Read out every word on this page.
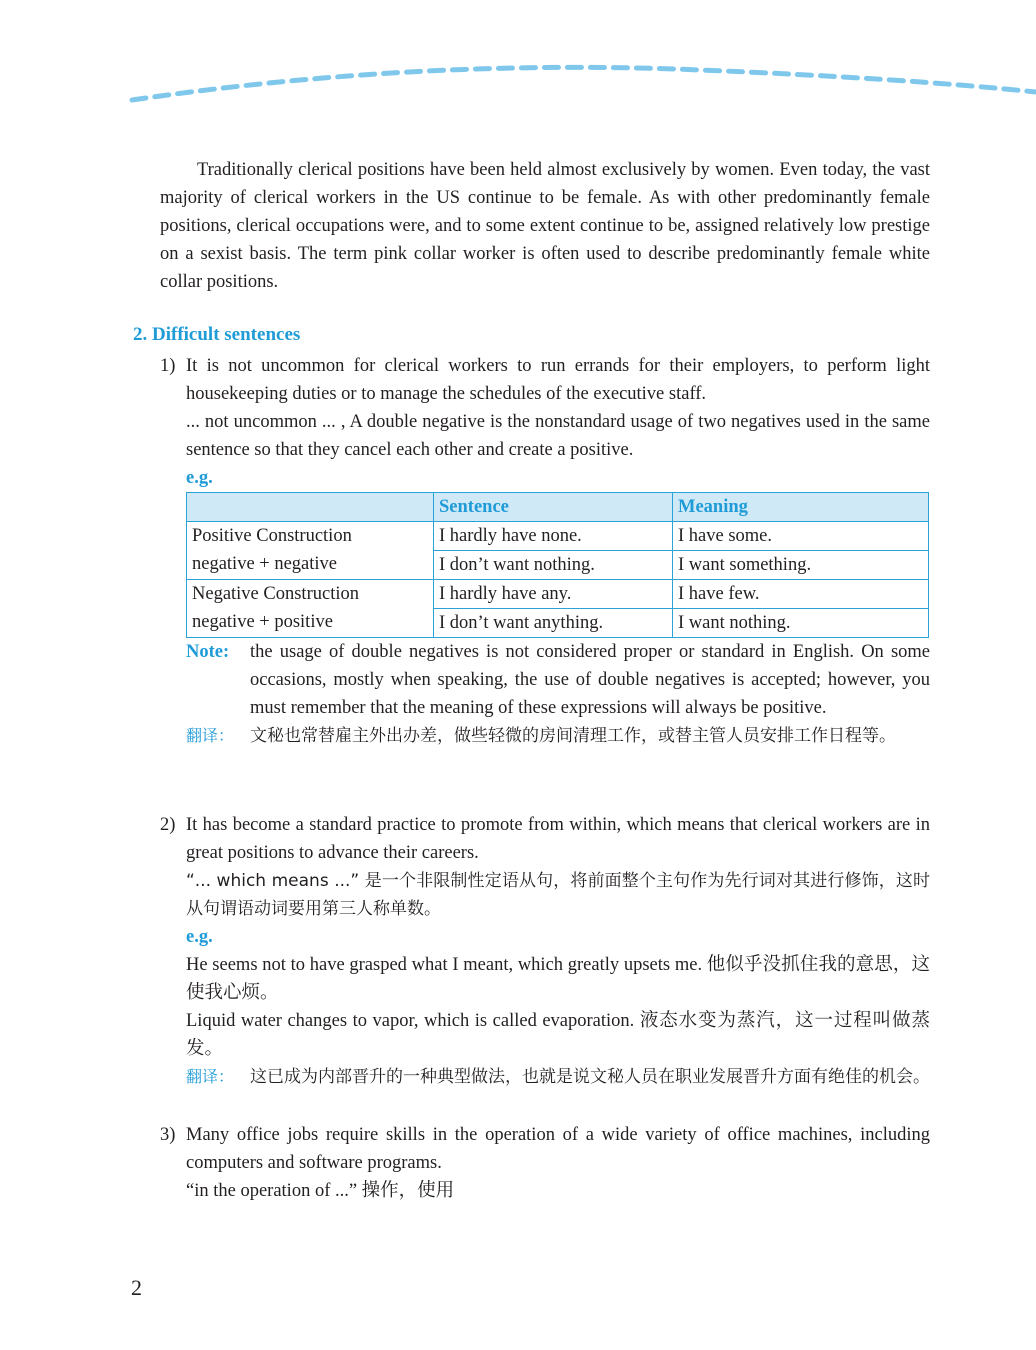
Traditionally clerical positions have been held almost exclusively by women. Even today, the vast majority of clerical workers in the US continue to be female. As with other predominantly female positions, clerical occupations were, and to some extent continue to be, assigned relatively low prestige on a sexist basis. The term pink collar worker is often used to describe predominantly female white collar positions.
2. Difficult sentences
1) It is not uncommon for clerical workers to run errands for their employers, to perform light housekeeping duties or to manage the schedules of the executive staff.
... not uncommon ... , A double negative is the nonstandard usage of two negatives used in the same sentence so that they cancel each other and create a positive.
e.g.
	Sentence	Meaning

Positive Construction
negative + negative	I hardly have none.	I have some.
	I don’t want nothing.	I want something.

Negative Construction
negative + positive	I hardly have any.	I have few.
	I don’t want anything.	I want nothing.
Note: the usage of double negatives is not considered proper or standard in English. On some occasions, mostly when speaking, the use of double negatives is accepted; however, you must remember that the meaning of these expressions will always be positive.
翻译： 文秘也常替雇主外出办差，做些轻微的房间清理工作，或替主管人员安排工作日程等。
2) It has become a standard practice to promote from within, which means that clerical workers are in great positions to advance their careers.
“... which means ...” 是一个非限制性定语从句，将前面整个主句作为先行词对其进行修饰，这时从句谓语动词要用第三人称单数。
e.g.
He seems not to have grasped what I meant, which greatly upsets me. 他似乎没抓住我的意思，这使我心烦。
Liquid water changes to vapor, which is called evaporation. 液态水变为蒸汽，这一过程叫做蒸发。
翻译： 这已成为内部晋升的一种典型做法，也就是说文秘人员在职业发展晋升方面有绝佳的机会。
3) Many office jobs require skills in the operation of a wide variety of office machines, including computers and software programs.
“in the operation of ...” 操作，使用
2
